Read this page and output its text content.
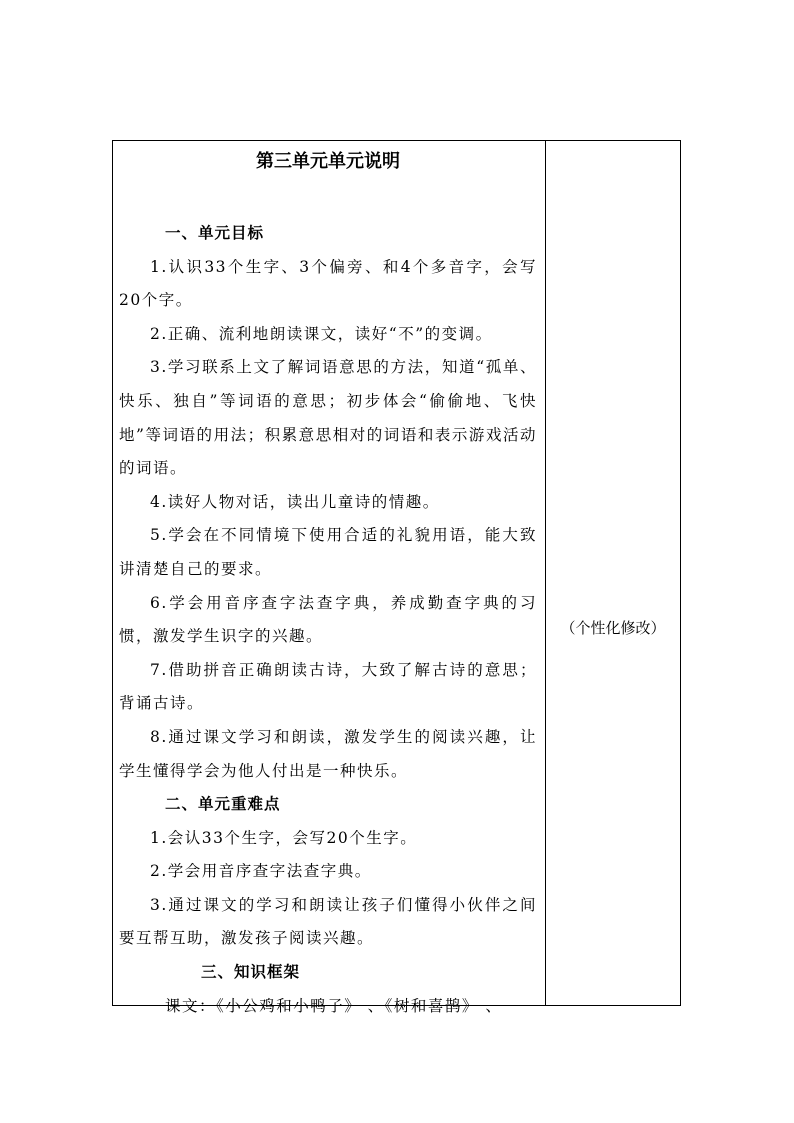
第三单元单元说明

一、单元目标

1.认识33个生字、3个偏旁、和4个多音字，会写20个字。

2.正确、流利地朗读课文，读好“不”的变调。

3.学习联系上文了解词语意思的方法，知道“孤单、快乐、独自”等词语的意思；初步体会“偷偷地、飞快地”等词语的用法；积累意思相对的词语和表示游戏活动的词语。

4.读好人物对话，读出儿童诗的情趣。

5.学会在不同情境下使用合适的礼貌用语，能大致讲清楚自己的要求。

6.学会用音序查字法查字典，养成勤查字典的习惯，激发学生识字的兴趣。

7.借助拼音正确朗读古诗，大致了解古诗的意思；背诵古诗。

8.通过课文学习和朗读，激发学生的阅读兴趣，让学生懂得学会为他人付出是一种快乐。

二、单元重难点

1.会认33个生字，会写20个生字。

2.学会用音序查字法查字典。

3.通过课文的学习和朗读让孩子们懂得小伙伴之间要互帮互助，激发孩子阅读兴趣。

三、知识框架

课文：《小公鸡和小鸭子》 、《树和喜鹊》 、

（个性化修改）
